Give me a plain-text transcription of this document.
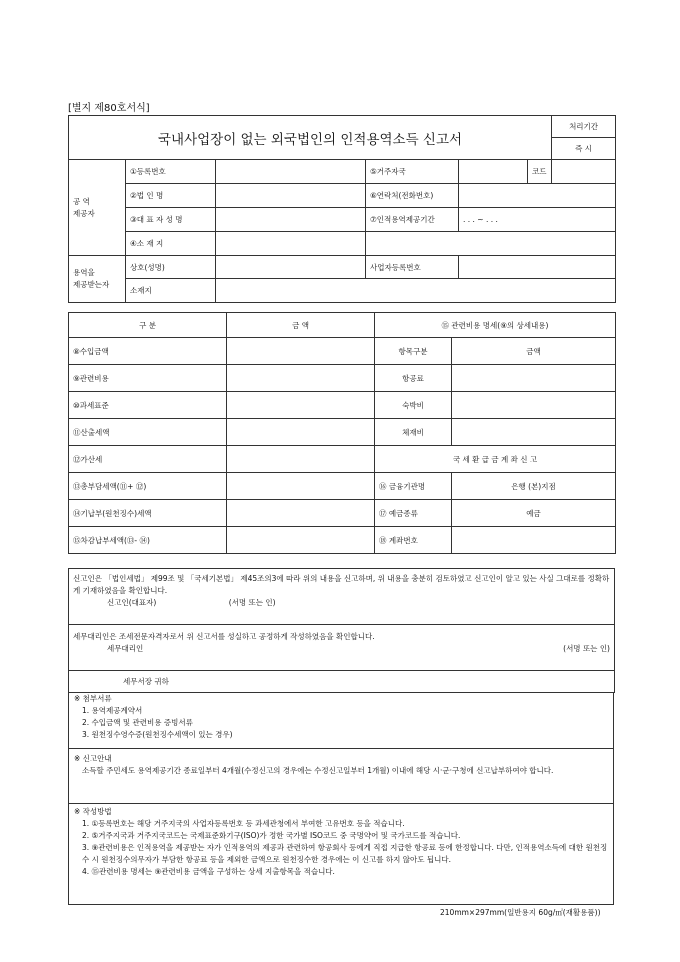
[별지 제80호서식]
국내사업장이 없는 외국법인의 인적용역소득 신고서						처리기간
						즉 시

공 역
제공자	①등록번호		⑤거주자국		코드	
	②법 인 명		⑥연락처(전화번호)			
	③대 표 자 성 명		⑦인적용역제공기간	. . . ~ . . .		
	④소 재 지					

용역을
제공받는자	상호(성명)		사업자등록번호			
	소재지					
구 분	금 액	⑮ 관련비용 명세(⑨의 상세내용)	
⑧수입금액		항목구분	금액
⑨관련비용		항공료	
⑩과세표준		숙박비	
⑪산출세액		체재비	
⑫가산세		국 세 환 급 금 계 좌 신 고	
⑬총부담세액(⑪+ ⑫)		⑯ 금융기관명	은행 (본)지점
⑭기납부(원천징수)세액		⑰ 예금종류	예금
⑮차감납부세액(⑬- ⑭)		⑱ 계좌번호	
신고인은 「법인세법」 제99조 및 「국세기본법」 제45조의3에 따라 위의 내용을 신고하며, 위 내용을 충분히 검토하였고 신고인이 알고 있는 사실 그대로를 정확하게 기재하였음을 확인합니다.
신고인(대표자)	(서명 또는 인)

세무대리인은 조세전문자격자로서 위 신고서를 성실하고 공정하게 작성하였음을 확인합니다.
세무대리인	(서명 또는 인)

세무서장 귀하

※ 첨부서류

1. 용역제공계약서

2. 수입금액 및 관련비용 증빙서류

3. 원천징수영수증(원천징수세액이 있는 경우)

※ 신고안내

소득할 주민세도 용역제공기간 종료일부터 4개월(수정신고의 경우에는 수정신고일부터 1개월) 이내에 해당 시·군·구청에 신고납부하여야 합니다.

※ 작성방법

1. ①등록번호는 해당 거주지국의 사업자등록번호 등 과세관청에서 부여한 고유번호 등을 적습니다.

2. ⑤거주지국과 거주지국코드는 국제표준화기구(ISO)가 정한 국가별 ISO코드 중 국명약어 및 국가코드를 적습니다.

3. ⑨관련비용은 인적용역을 제공받는 자가 인적용역의 제공과 관련하여 항공회사 등에게 직접 지급한 항공료 등에 한정합니다. 다만, 인적용역소득에 대한 원천징수 시 원천징수의무자가 부담한 항공료 등을 제외한 금액으로 원천징수한 경우에는 이 신고를 하지 않아도 됩니다.

4. ⑮관련비용 명세는 ⑨관련비용 금액을 구성하는 상세 지출항목을 적습니다.

210mm×297mm(일반용지 60g/㎡(재활용품))
